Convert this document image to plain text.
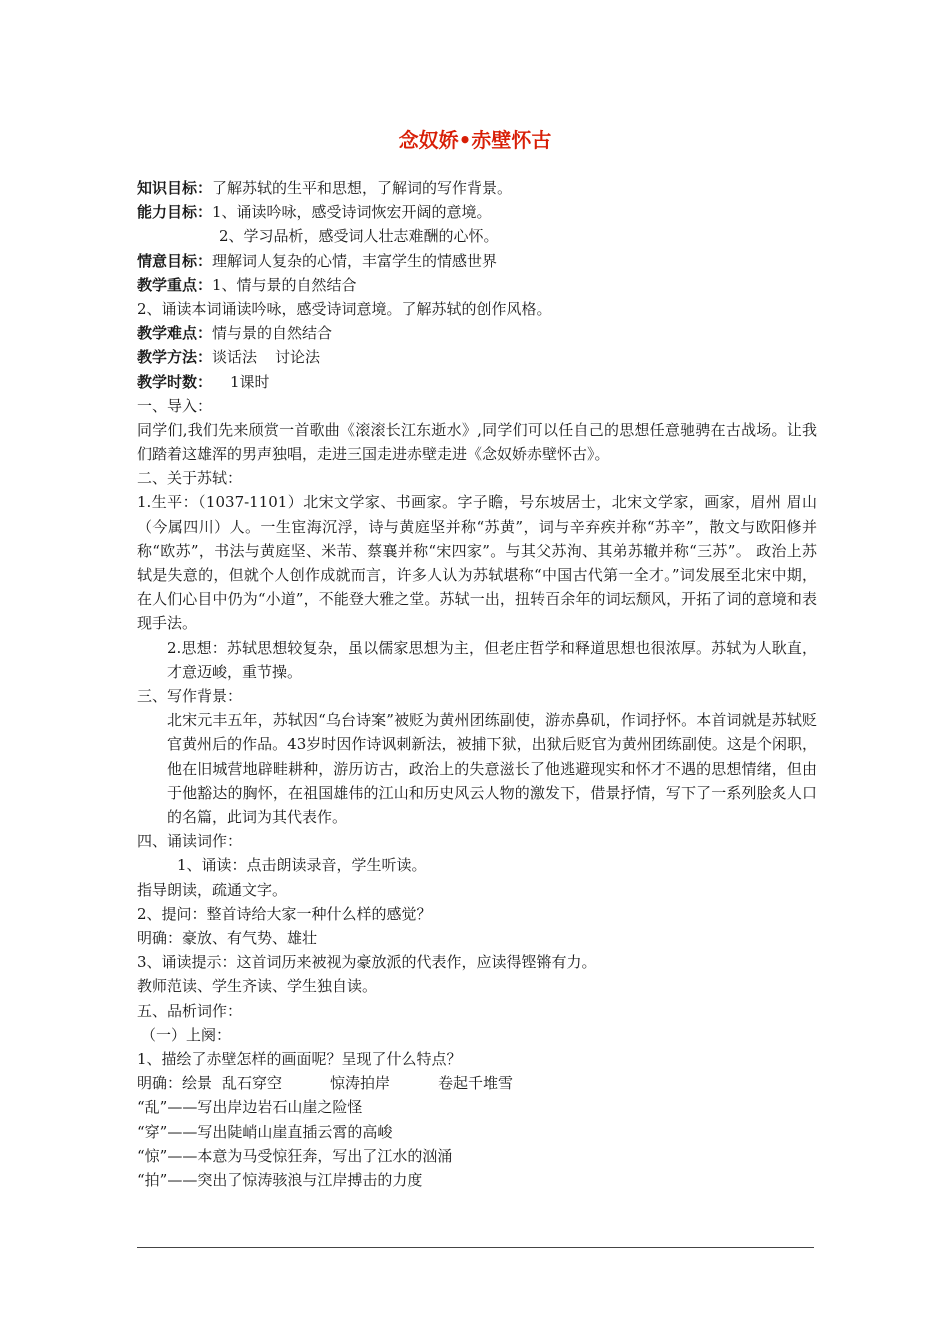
念奴娇•赤壁怀古
知识目标：了解苏轼的生平和思想，了解词的写作背景。
能力目标：1、诵读吟咏，感受诗词恢宏开阔的意境。
2、学习品析，感受词人壮志难酬的心怀。
情意目标：理解词人复杂的心情，丰富学生的情感世界
教学重点：1、情与景的自然结合
2、诵读本词诵读吟咏，感受诗词意境。了解苏轼的创作风格。
教学难点：情与景的自然结合
教学方法：谈话法 讨论法
教学时数： 1课时
一、导入：
同学们,我们先来颀赏一首歌曲《滚滚长江东逝水》,同学们可以任自己的思想任意驰骋在古战场。让我们踏着这雄浑的男声独唱，走进三国走进赤壁走进《念奴娇赤壁怀古》。
二、关于苏轼：
1.生平：（1037-1101）北宋文学家、书画家。字子瞻，号东坡居士，北宋文学家，画家，眉州 眉山（今属四川）人。一生宦海沉浮，诗与黄庭坚并称“苏黄”，词与辛弃疾并称“苏辛”，散文与欧阳修并称“欧苏”，书法与黄庭坚、米芾、蔡襄并称“宋四家”。与其父苏洵、其弟苏辙并称“三苏”。 政治上苏轼是失意的，但就个人创作成就而言，许多人认为苏轼堪称“中国古代第一全才。”词发展至北宋中期，在人们心目中仍为“小道”，不能登大雅之堂。苏轼一出，扭转百余年的词坛颓风，开拓了词的意境和表现手法。
2.思想：苏轼思想较复杂，虽以儒家思想为主，但老庄哲学和释道思想也很浓厚。苏轼为人耿直，才意迈峻，重节操。
三、写作背景：
北宋元丰五年，苏轼因“乌台诗案”被贬为黄州团练副使，游赤鼻矶，作词抒怀。本首词就是苏轼贬官黄州后的作品。43岁时因作诗讽刺新法，被捕下狱，出狱后贬官为黄州团练副使。这是个闲职，他在旧城营地辟畦耕种，游历访古，政治上的失意滋长了他逃避现实和怀才不遇的思想情绪，但由于他豁达的胸怀，在祖国雄伟的江山和历史风云人物的激发下，借景抒情，写下了一系列脍炙人口的名篇，此词为其代表作。
四、诵读词作：
1、诵读：点击朗读录音，学生听读。
指导朗读，疏通文字。
2、提问：整首诗给大家一种什么样的感觉？
明确：豪放、有气势、雄壮
3、诵读提示：这首词历来被视为豪放派的代表作，应读得铿锵有力。
教师范读、学生齐读、学生独自读。
五、品析词作：
（一）上阕：
1、描绘了赤壁怎样的画面呢？呈现了什么特点？
明确：绘景 乱石穿空	惊涛拍岸	卷起千堆雪
“乱”——写出岸边岩石山崖之险怪
“穿”——写出陡峭山崖直插云霄的高峻
“惊”——本意为马受惊狂奔，写出了江水的汹涌
“拍”——突出了惊涛骇浪与江岸搏击的力度
